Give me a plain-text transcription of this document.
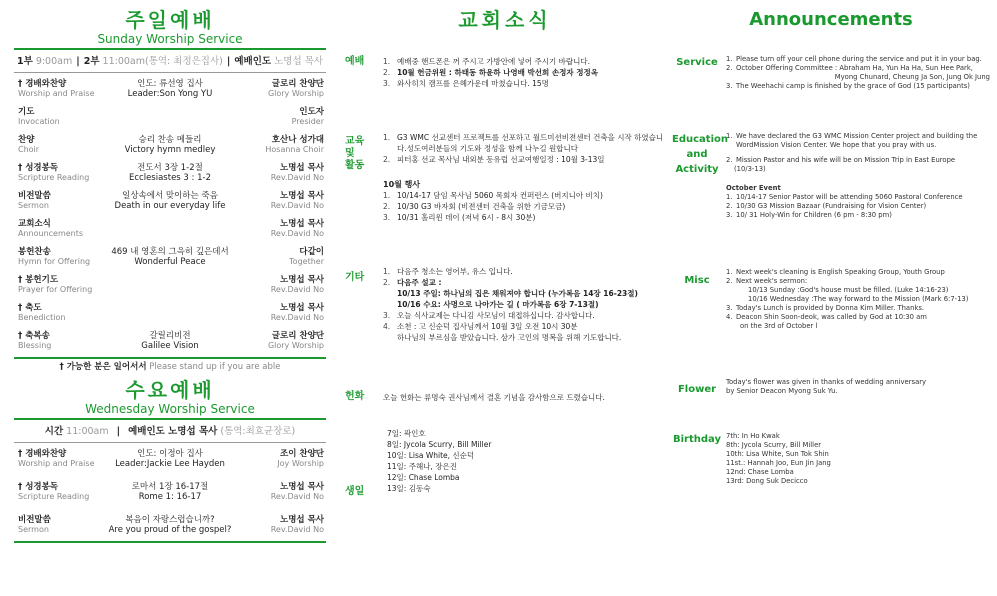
주일예배
Sunday Worship Service
1부
9:00am | 2부
11:00am(통역: 최정은집사) | 예배인도
노명섭 목사
† 경배와찬양
Worship and Praise
인도: 류선영 집사
Leader:Son Yong YU
글로리 찬양단
Glory Worship
기도
Invocation

인도자
Presider
찬양
Choir
승리 찬송 메들리
Victory hymn medley
호산나 성가대
Hosanna Choir
† 성경봉독
Scripture Reading
전도서 3장 1-2절
Ecclesiastes 3 : 1-2
노명섭 목사
Rev.David No
비전말씀
Sermon
일상속에서 맞이하는 죽음
Death in our everyday life
노명섭 목사
Rev.David No
교회소식
Announcements

노명섭 목사
Rev.David No
봉헌찬송
Hymn for Offering
469 내 영혼의 그윽히 깊은데서
Wonderful Peace
다같이
Together
† 봉헌기도
Prayer for Offering

노명섭 목사
Rev.David No
† 축도
Benediction

노명섭 목사
Rev.David No
† 축복송
Blessing
갈릴리비전
Galilee Vision
글로리 찬양단
Glory Worship
† 가능한 분은 일어서서 Please stand up if you are able
수요예배
Wednesday Worship Service
시간
11:00am | 예배인도 노명섭 목사
(통역:최효균장로)
† 경배와찬양
Worship and Praise
인도: 이정아 집사
Leader:Jackie Lee Hayden
조이 찬양단
Joy Worship
† 성경봉독
Scripture Reading
로마서 1장 16-17절
Rome 1: 16-17
노명섭 목사
Rev.David No
비전말씀
Sermon
복음이 자랑스럽습니까?
Are you proud of the gospel?
노명섭 목사
Rev.David No
교회소식
예배 1. 예배중 핸드폰은 꺼 주시고 가방안에 넣어 주시기 바랍니다.
2. 10월 헌금위원 : 하태동 하윤하 나영배 박선희 손정자 정정옥
3. 와사히치 캠프를 은혜가운데 마쳤습니다. 15명
교육
및
활동
1. G3 WMC 선교센터 프로젝트를 선포하고 월드미션비젼센터 건축을 시작 하였습니다.성도여러분들의 기도와 정성을 함께 나누길 원합니다
2. 피터홍 선교 목사님 내외분 동유럽 선교여행일정 : 10월 3-13일
10월 행사
1. 10/14-17 담임 목사님 5060 목회자 컨퍼런스 (버지니아 비치)
2. 10/30 G3 바자회 (비젼센터 건축을 위한 기금모금)
3. 10/31 홀리윈 데이 (저녁 6시 - 8시 30분)
기타
1. 다음주 청소는 영어부, 유스 입니다.
2. 다음주 설교 :
10/13 주일: 하나님의 집은 채워져야 합니다 (누가복음 14장 16-23절)
10/16 수요: 사명으로 나아가는 길 ( 마가복음 6장 7-13절)
3. 오늘 식사교제는 다니김 사모님이 대접하십니다. 감사합니다.
4. 소천 : 고 신순덕 집사님께서 10월 3일 오전 10시 30분
하나님의 부르심을 받았습니다. 삼가 고인의 명복을 위해 기도합니다.
헌화 오늘 헌화는 류명숙 권사님께서 결혼 기념을 감사함으로 드렸습니다.
생일
7일: 곽인호
8일: Jycola Scurry, Bill Miller
10일: Lisa White, 신순덕
11일: 주해나, 장은진
12일: Chase Lomba
13일: 김동숙
Announcements
Service	1. Please turn off your cell phone during the service and put it in your bag.
2. October Offering Committee : Abraham Ha, Yun Ha Ha, Sun Hee Park,
Myong Chunard, Cheung Ja Son, Jung Ok Jung
3. The Weehachi camp is finished by the grace of God (15 participants)
Education
and
Activity
1. We have declared the G3 WMC Mission Center project and building the WordMission Vision Center. We hope that you pray with us.
2. Mission Pastor and his wife will be on Mission Trip in East Europe
(10/3-13)
October Event
1. 10/14-17 Senior Pastor will be attending 5060 Pastoral Conference
2. 10/30 G3 Mission Bazaar (Fundraising for Vision Center)
3. 10/ 31 Holy-Win for Children (6 pm - 8:30 pm)
Misc
1. Next week's cleaning is English Speaking Group, Youth Group
2. Next week's sermon:
10/13 Sunday :God's house must be filled. (Luke 14:16-23)
10/16 Wednesday :The way forward to the Mission (Mark 6:7-13)
3. Today's Lunch is provided by Donna Kim Miller. Thanks.
4. Deacon Shin Soon-deok, was called by God at 10:30 am
on the 3rd of October l
Flower
Today's flower was given in thanks of wedding anniversary
by Senior Deacon Myong Suk Yu.
Birthday 7th: In Ho Kwak
8th: Jycola Scurry, Bill Miller
10th: Lisa White, Sun Tok Shin
11st.: Hannah Joo, Eun Jin Jang
12nd: Chase Lomba
13rd: Dong Suk Decicco
